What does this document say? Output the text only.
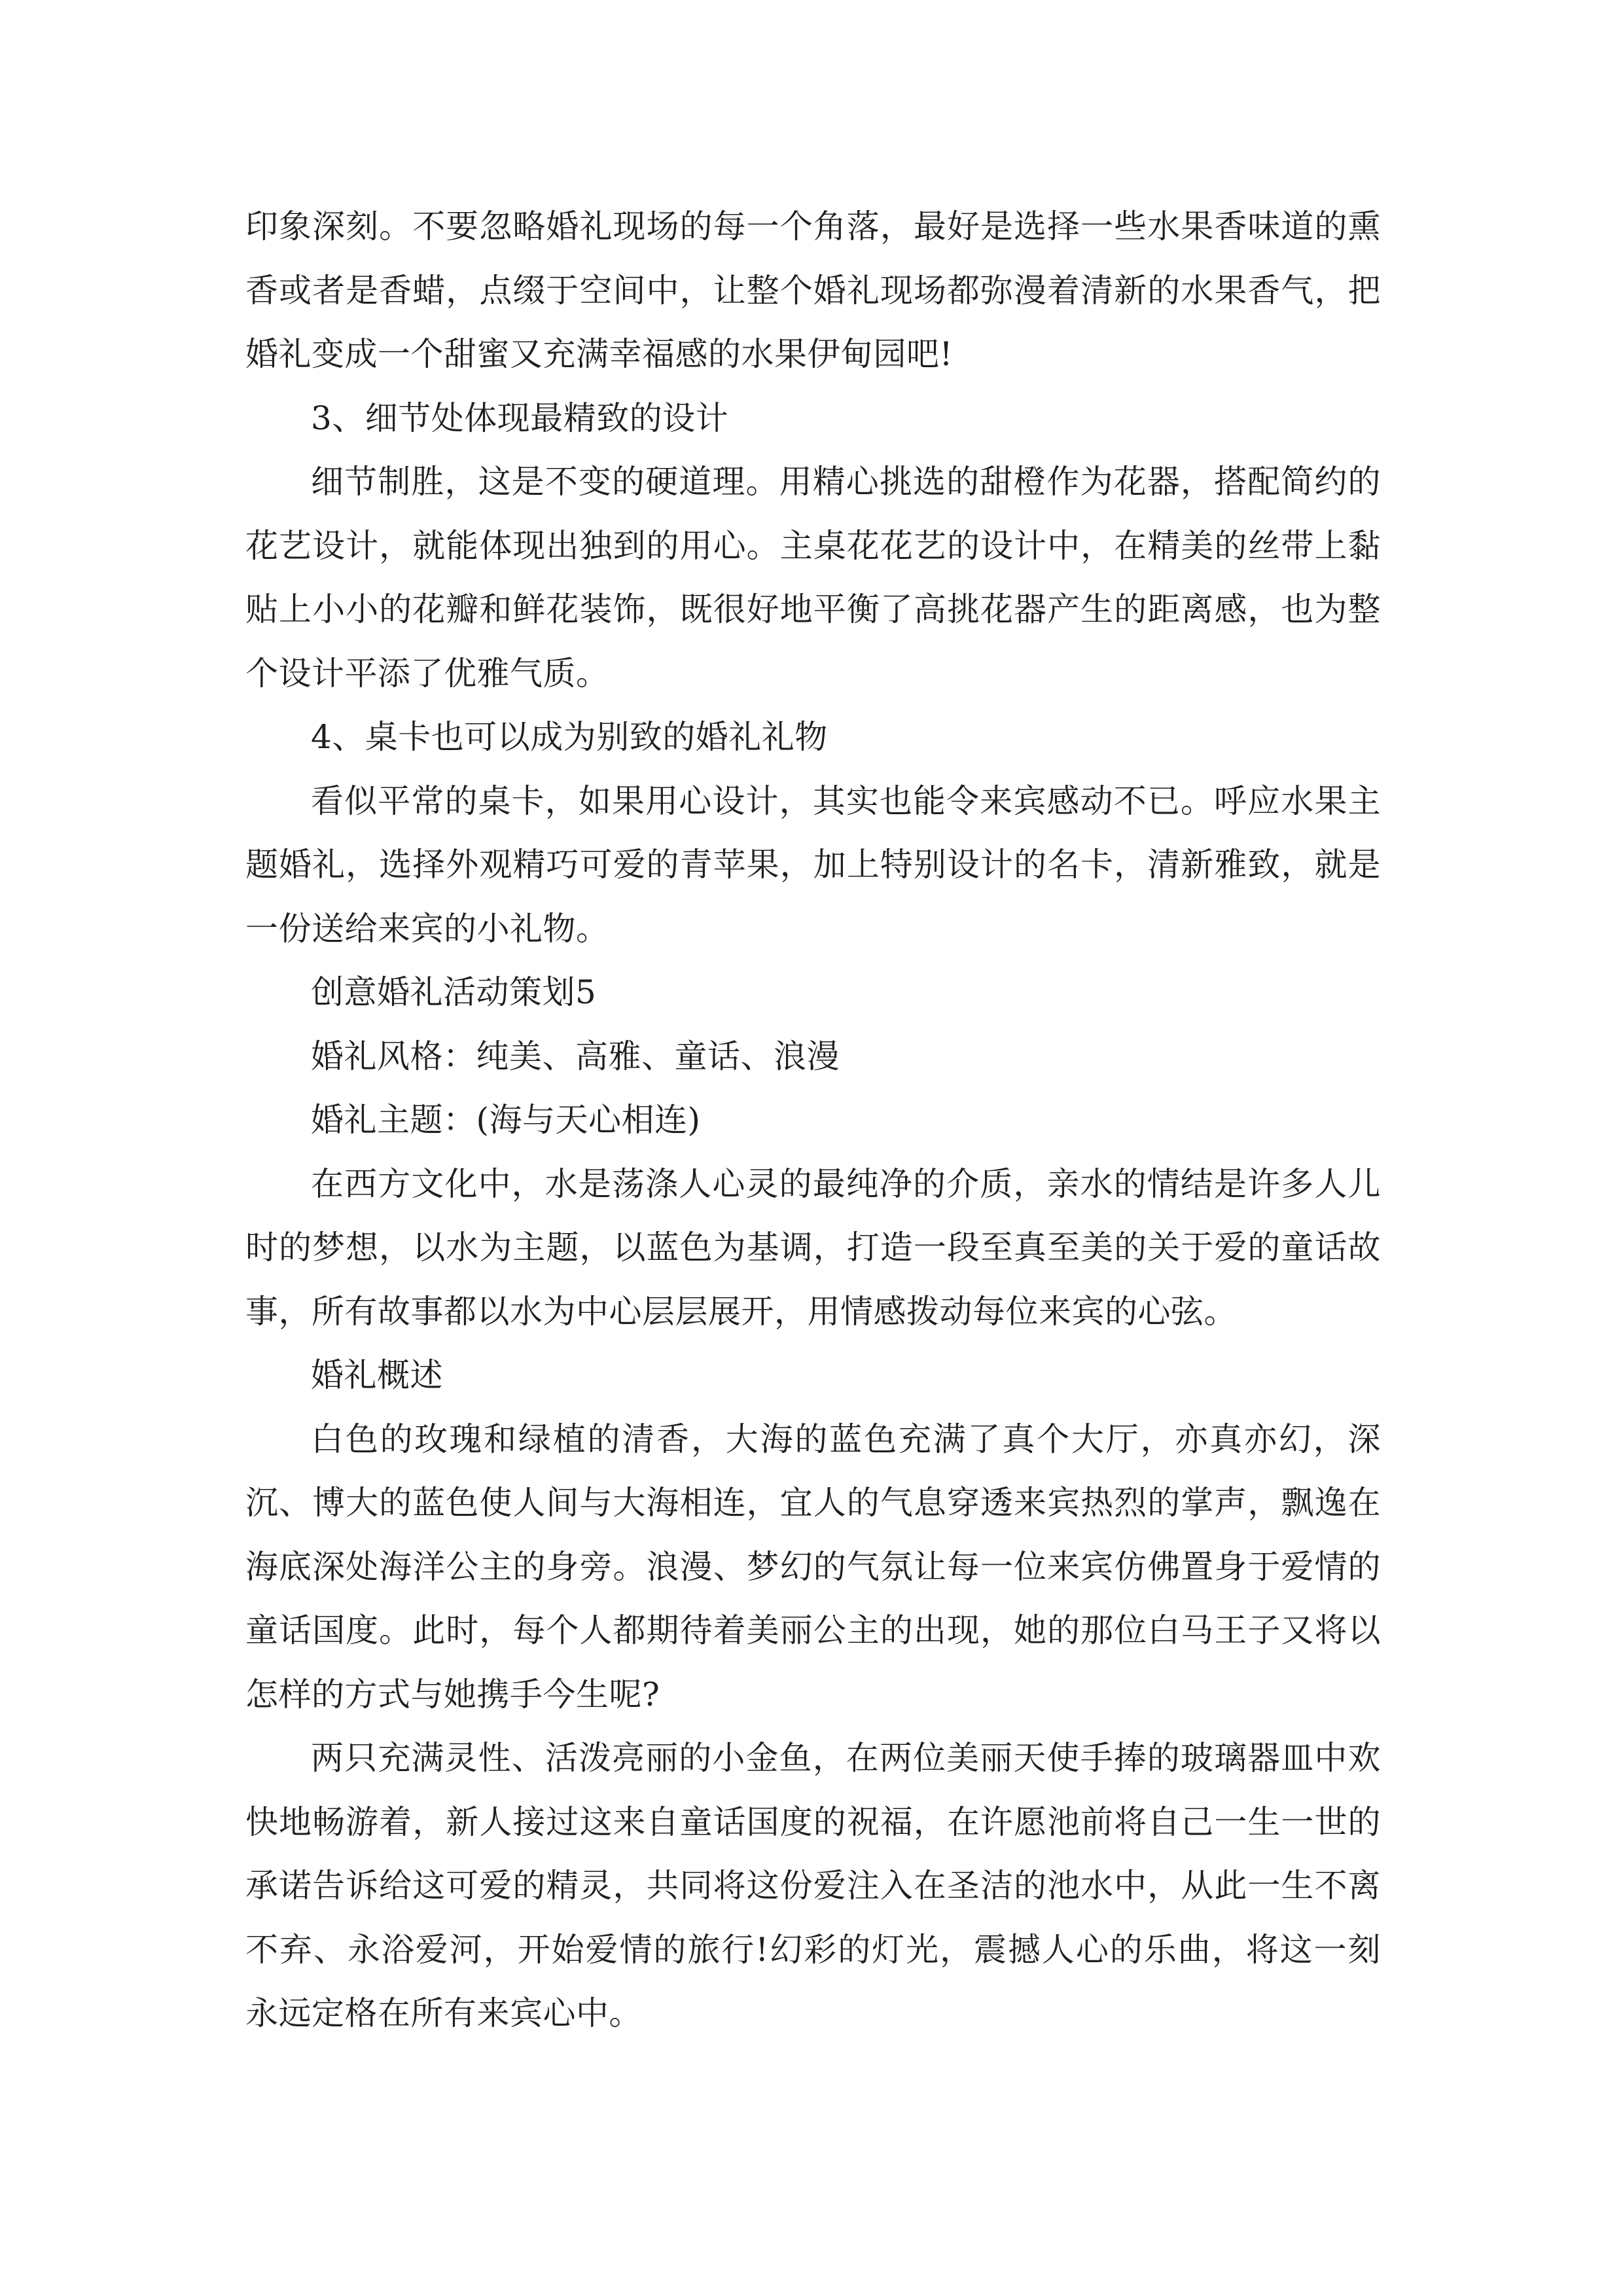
印象深刻。不要忽略婚礼现场的每一个角落，最好是选择一些水果香味道的熏香或者是香蜡，点缀于空间中，让整个婚礼现场都弥漫着清新的水果香气，把婚礼变成一个甜蜜又充满幸福感的水果伊甸园吧!

3、细节处体现最精致的设计

细节制胜，这是不变的硬道理。用精心挑选的甜橙作为花器，搭配简约的花艺设计，就能体现出独到的用心。主桌花花艺的设计中，在精美的丝带上黏贴上小小的花瓣和鲜花装饰，既很好地平衡了高挑花器产生的距离感，也为整个设计平添了优雅气质。

4、桌卡也可以成为别致的婚礼礼物

看似平常的桌卡，如果用心设计，其实也能令来宾感动不已。呼应水果主题婚礼，选择外观精巧可爱的青苹果，加上特别设计的名卡，清新雅致，就是一份送给来宾的小礼物。

创意婚礼活动策划5

婚礼风格：纯美、高雅、童话、浪漫

婚礼主题：(海与天心相连)

在西方文化中，水是荡涤人心灵的最纯净的介质，亲水的情结是许多人儿时的梦想，以水为主题，以蓝色为基调，打造一段至真至美的关于爱的童话故事，所有故事都以水为中心层层展开，用情感拨动每位来宾的心弦。

婚礼概述

白色的玫瑰和绿植的清香，大海的蓝色充满了真个大厅，亦真亦幻，深沉、博大的蓝色使人间与大海相连，宜人的气息穿透来宾热烈的掌声，飘逸在海底深处海洋公主的身旁。浪漫、梦幻的气氛让每一位来宾仿佛置身于爱情的童话国度。此时，每个人都期待着美丽公主的出现，她的那位白马王子又将以怎样的方式与她携手今生呢?

两只充满灵性、活泼亮丽的小金鱼，在两位美丽天使手捧的玻璃器皿中欢快地畅游着，新人接过这来自童话国度的祝福，在许愿池前将自己一生一世的承诺告诉给这可爱的精灵，共同将这份爱注入在圣洁的池水中，从此一生不离不弃、永浴爱河，开始爱情的旅行!幻彩的灯光，震撼人心的乐曲，将这一刻永远定格在所有来宾心中。
